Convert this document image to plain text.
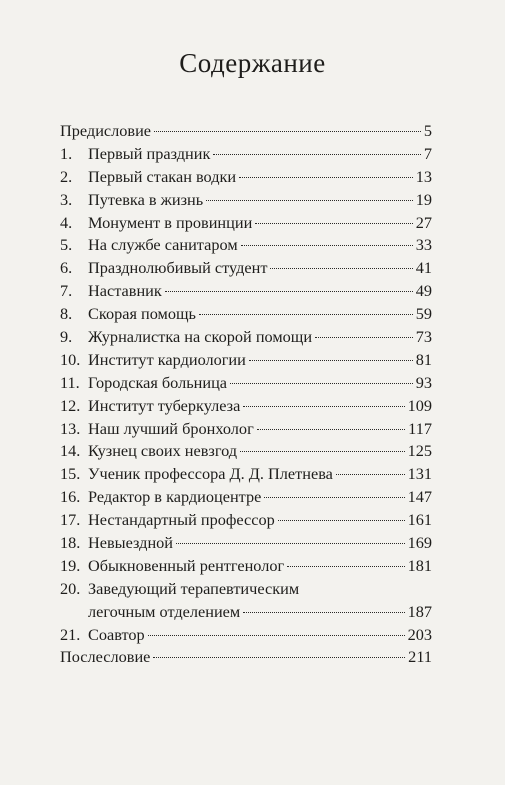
Содержание
Предисловие	5
1. Первый праздник	7
2. Первый стакан водки	13
3. Путевка в жизнь	19
4. Монумент в провинции	27
5. На службе санитаром	33
6. Празднолюбивый студент	41
7. Наставник	49
8. Скорая помощь	59
9. Журналистка на скорой помощи	73
10. Институт кардиологии	81
11. Городская больница	93
12. Институт туберкулеза	109
13. Наш лучший бронхолог	117
14. Кузнец своих невзгод	125
15. Ученик профессора Д. Д. Плетнева	131
16. Редактор в кардиоцентре	147
17. Нестандартный профессор	161
18. Невыездной	169
19. Обыкновенный рентгенолог	181
20. Заведующий терапевтическим
легочным отделением	187
21. Соавтор	203
Послесловие	211
